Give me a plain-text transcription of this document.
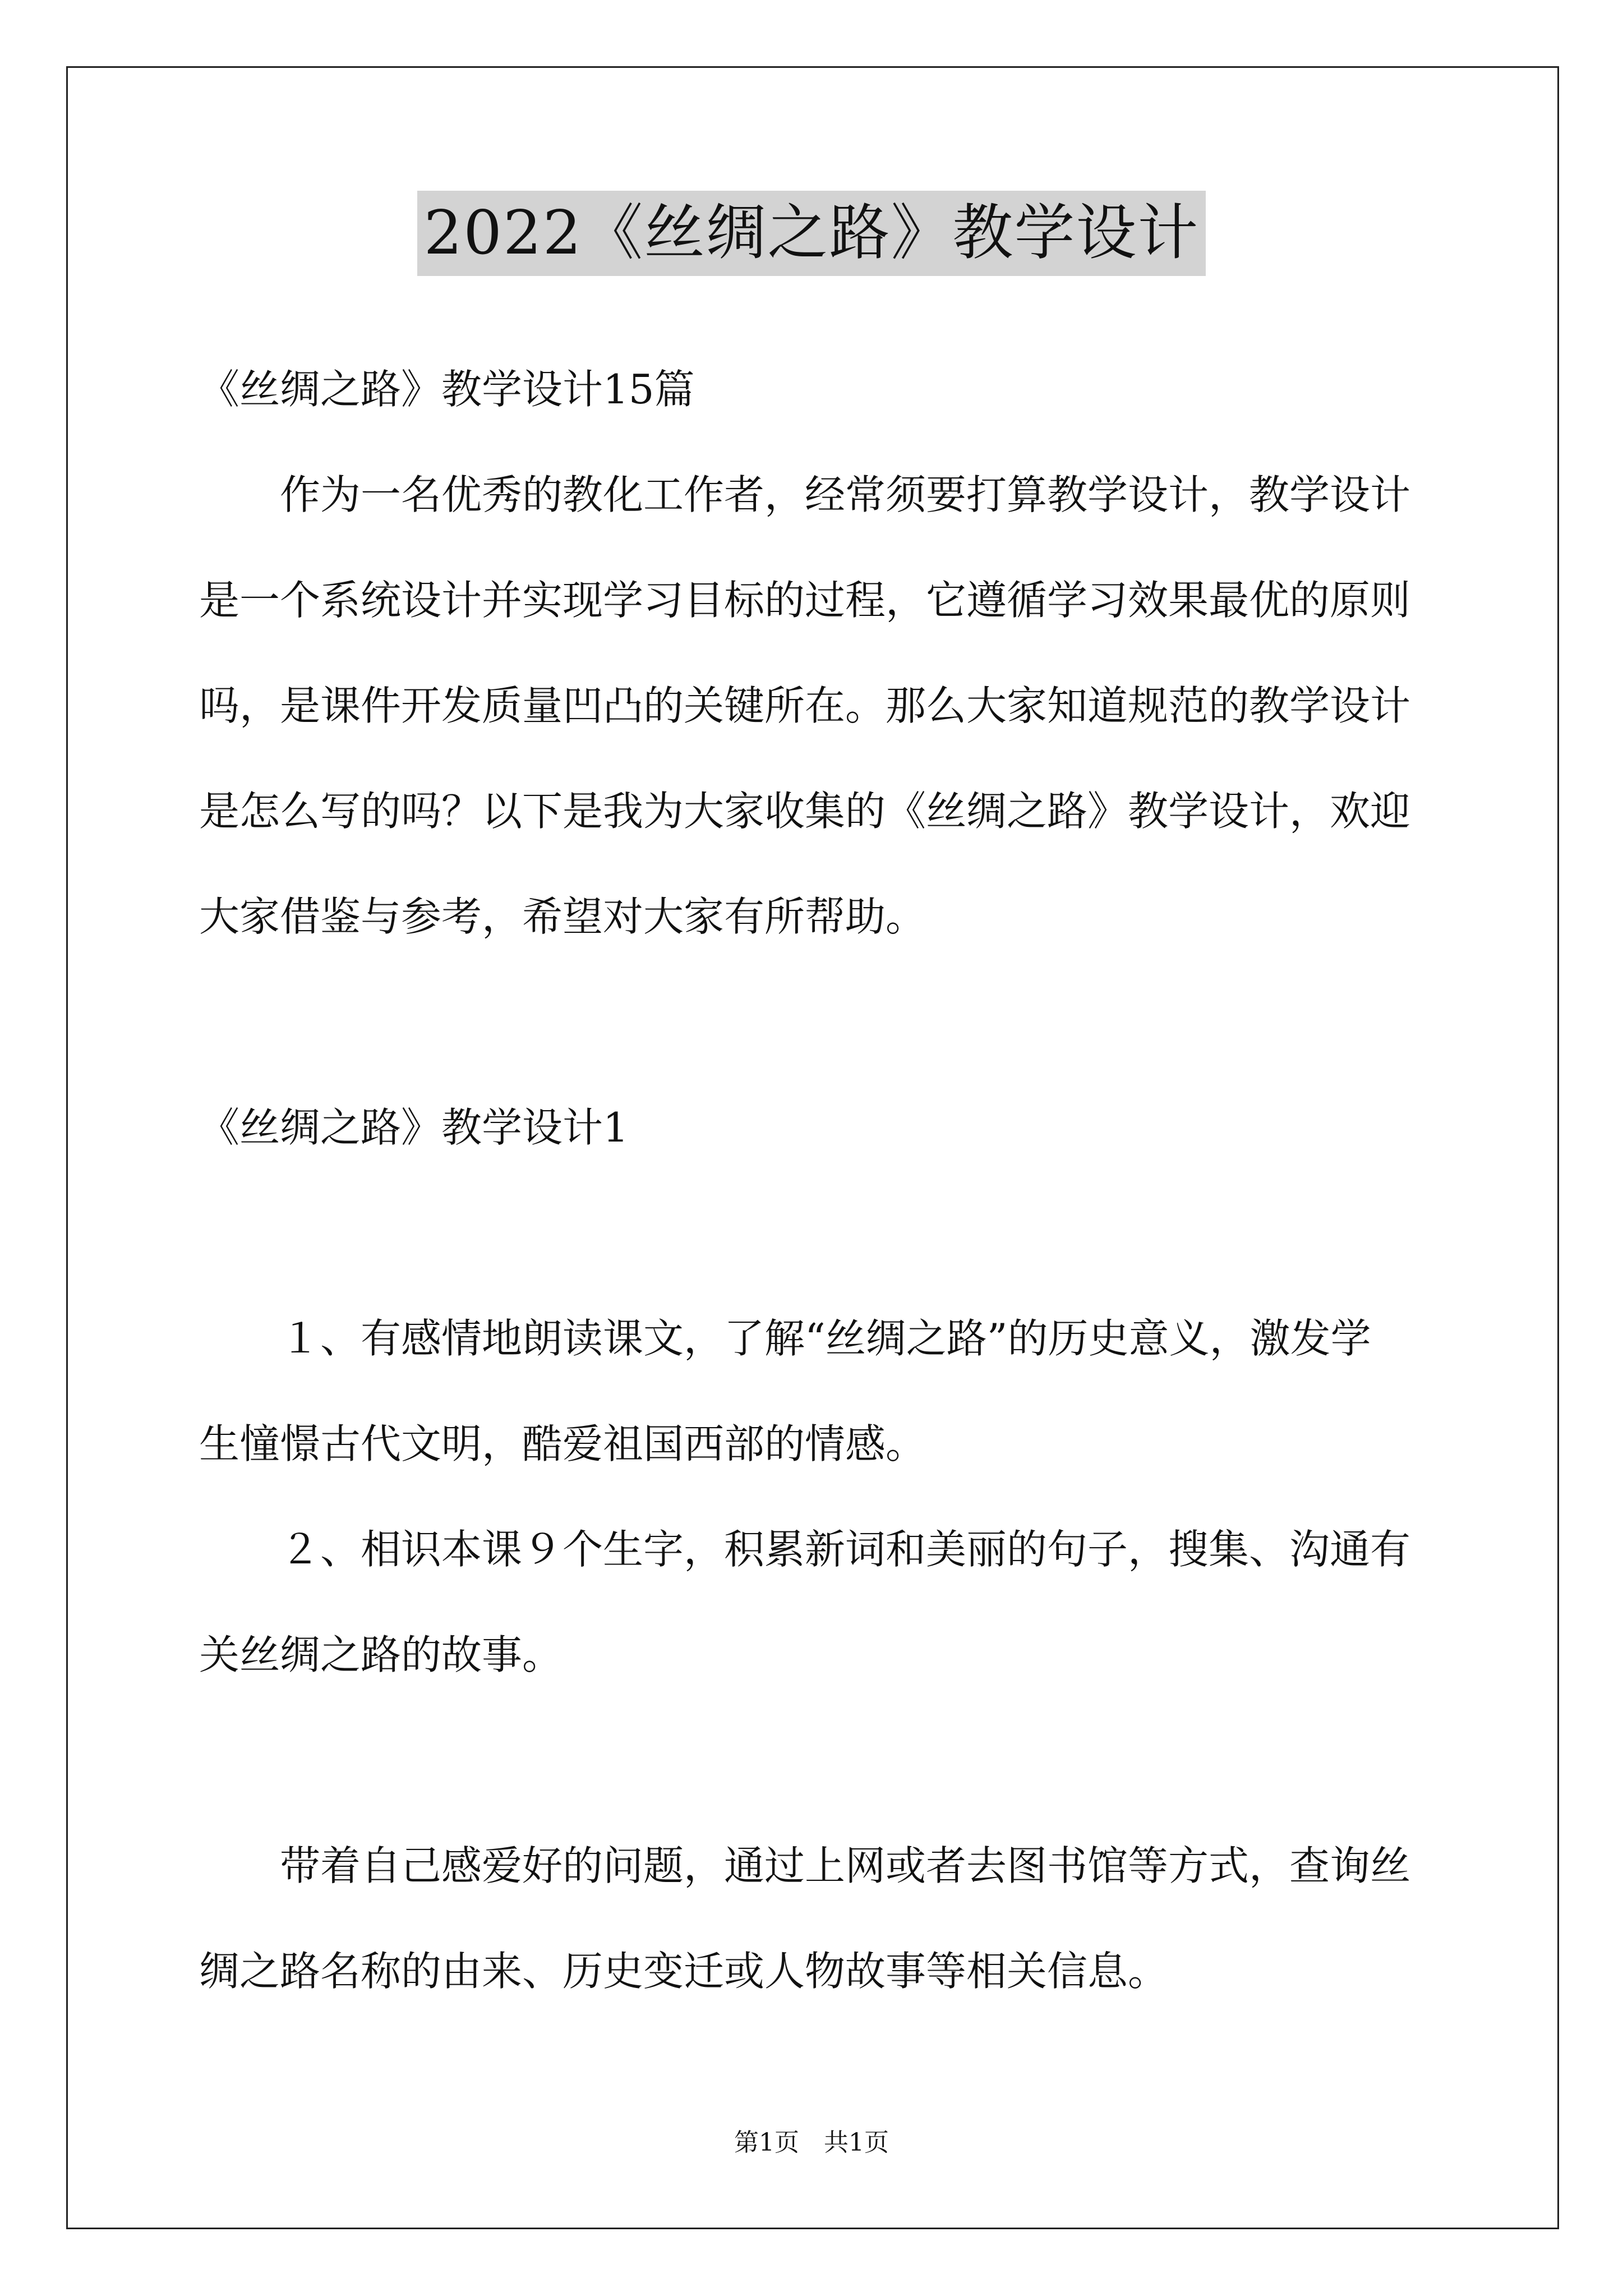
2022《丝绸之路》教学设计
《丝绸之路》教学设计15篇
作为一名优秀的教化工作者，经常须要打算教学设计，教学设计
是一个系统设计并实现学习目标的过程，它遵循学习效果最优的原则
吗，是课件开发质量凹凸的关键所在。那么大家知道规范的教学设计
是怎么写的吗？以下是我为大家收集的《丝绸之路》教学设计，欢迎
大家借鉴与参考，希望对大家有所帮助。
《丝绸之路》教学设计1
１、有感情地朗读课文，了解“丝绸之路”的历史意义，激发学
生憧憬古代文明，酷爱祖国西部的情感。
２、相识本课９个生字，积累新词和美丽的句子，搜集、沟通有
关丝绸之路的故事。
带着自己感爱好的问题，通过上网或者去图书馆等方式，查询丝
绸之路名称的由来、历史变迁或人物故事等相关信息。
第1页　共1页
